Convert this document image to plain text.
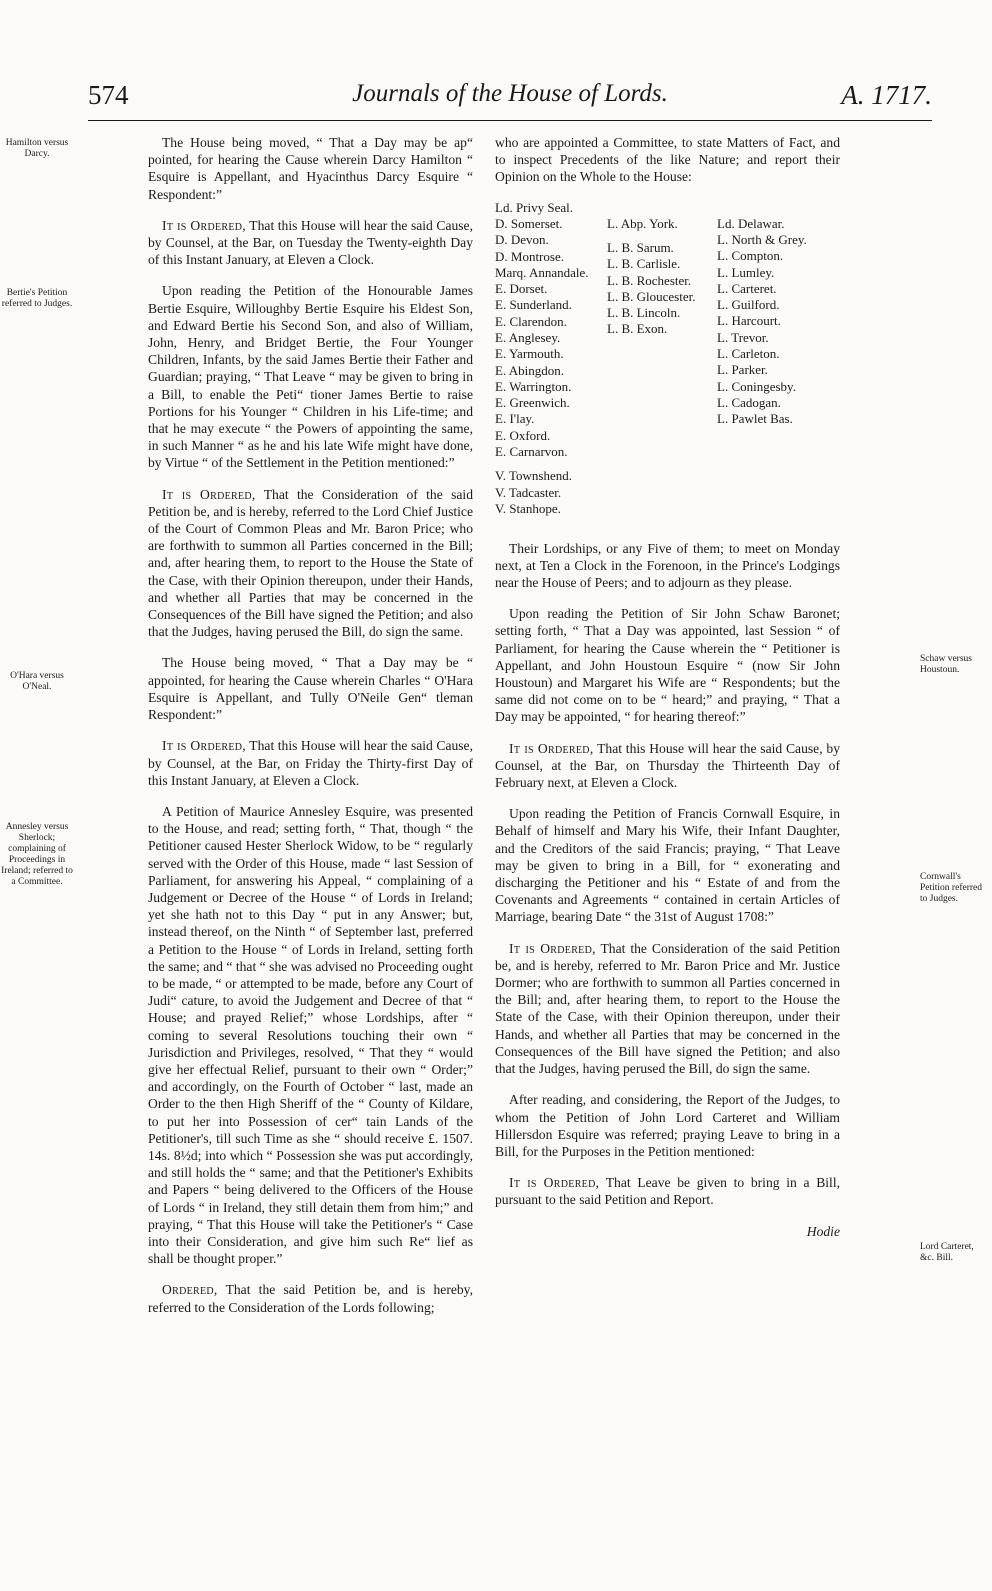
574	Journals of the House of Lords.	A. 1717.
Hamilton versus Darcy.
Bertie's Petition referred to Judges.
O'Hara versus O'Neal.
Annesley versus Sherlock; complaining of Proceedings in Ireland; referred to a Committee.
Schaw versus Houstoun.
Cornwall's Petition referred to Judges.
Lord Carteret, &c. Bill.

The House being moved, “ That a Day may be ap“ pointed, for hearing the Cause wherein Darcy Hamilton “ Esquire is Appellant, and Hyacinthus Darcy Esquire “ Respondent:”

It is Ordered, That this House will hear the said Cause, by Counsel, at the Bar, on Tuesday the Twenty-eighth Day of this Instant January, at Eleven a Clock.

Upon reading the Petition of the Honourable James Bertie Esquire, Willoughby Bertie Esquire his Eldest Son, and Edward Bertie his Second Son, and also of William, John, Henry, and Bridget Bertie, the Four Younger Children, Infants, by the said James Bertie their Father and Guardian; praying, “ That Leave “ may be given to bring in a Bill, to enable the Peti“ tioner James Bertie to raise Portions for his Younger “ Children in his Life-time; and that he may execute “ the Powers of appointing the same, in such Manner “ as he and his late Wife might have done, by Virtue “ of the Settlement in the Petition mentioned:”

It is Ordered, That the Consideration of the said Petition be, and is hereby, referred to the Lord Chief Justice of the Court of Common Pleas and Mr. Baron Price; who are forthwith to summon all Parties concerned in the Bill; and, after hearing them, to report to the House the State of the Case, with their Opinion thereupon, under their Hands, and whether all Parties that may be concerned in the Consequences of the Bill have signed the Petition; and also that the Judges, having perused the Bill, do sign the same.

The House being moved, “ That a Day may be “ appointed, for hearing the Cause wherein Charles “ O'Hara Esquire is Appellant, and Tully O'Neile Gen“ tleman Respondent:”

It is Ordered, That this House will hear the said Cause, by Counsel, at the Bar, on Friday the Thirty-first Day of this Instant January, at Eleven a Clock.

A Petition of Maurice Annesley Esquire, was presented to the House, and read; setting forth, “ That, though “ the Petitioner caused Hester Sherlock Widow, to be “ regularly served with the Order of this House, made “ last Session of Parliament, for answering his Appeal, “ complaining of a Judgement or Decree of the House “ of Lords in Ireland; yet she hath not to this Day “ put in any Answer; but, instead thereof, on the Ninth “ of September last, preferred a Petition to the House “ of Lords in Ireland, setting forth the same; and “ that “ she was advised no Proceeding ought to be made, “ or attempted to be made, before any Court of Judi“ cature, to avoid the Judgement and Decree of that “ House; and prayed Relief;” whose Lordships, after “ coming to several Resolutions touching their own “ Jurisdiction and Privileges, resolved, “ That they “ would give her effectual Relief, pursuant to their own “ Order;” and accordingly, on the Fourth of October “ last, made an Order to the then High Sheriff of the “ County of Kildare, to put her into Possession of cer“ tain Lands of the Petitioner's, till such Time as she “ should receive £. 1507. 14s. 8½d; into which “ Possession she was put accordingly, and still holds the “ same; and that the Petitioner's Exhibits and Papers “ being delivered to the Officers of the House of Lords “ in Ireland, they still detain them from him;” and praying, “ That this House will take the Petitioner's “ Case into their Consideration, and give him such Re“ lief as shall be thought proper.”

Ordered, That the said Petition be, and is hereby, referred to the Consideration of the Lords following;

who are appointed a Committee, to state Matters of Fact, and to inspect Precedents of the like Nature; and report their Opinion on the Whole to the House:

Ld. Privy Seal.
D. Somerset.
D. Devon.
D. Montrose.
Marq. Annandale.
E. Dorset.
E. Sunderland.
E. Clarendon.
E. Anglesey.
E. Yarmouth.
E. Abingdon.
E. Warrington.
E. Greenwich.
E. I'lay.
E. Oxford.
E. Carnarvon.
V. Townshend.
V. Tadcaster.
V. Stanhope.
L. Abp. York.
L. B. Sarum.
L. B. Carlisle.
L. B. Rochester.
L. B. Gloucester.
L. B. Lincoln.
L. B. Exon.
Ld. Delawar.
L. North & Grey.
L. Compton.
L. Lumley.
L. Carteret.
L. Guilford.
L. Harcourt.
L. Trevor.
L. Carleton.
L. Parker.
L. Coningesby.
L. Cadogan.
L. Pawlet Bas.

Their Lordships, or any Five of them; to meet on Monday next, at Ten a Clock in the Forenoon, in the Prince's Lodgings near the House of Peers; and to adjourn as they please.

Upon reading the Petition of Sir John Schaw Baronet; setting forth, “ That a Day was appointed, last Session “ of Parliament, for hearing the Cause wherein the “ Petitioner is Appellant, and John Houstoun Esquire “ (now Sir John Houstoun) and Margaret his Wife are “ Respondents; but the same did not come on to be “ heard;” and praying, “ That a Day may be appointed, “ for hearing thereof:”

It is Ordered, That this House will hear the said Cause, by Counsel, at the Bar, on Thursday the Thirteenth Day of February next, at Eleven a Clock.

Upon reading the Petition of Francis Cornwall Esquire, in Behalf of himself and Mary his Wife, their Infant Daughter, and the Creditors of the said Francis; praying, “ That Leave may be given to bring in a Bill, for “ exonerating and discharging the Petitioner and his “ Estate of and from the Covenants and Agreements “ contained in certain Articles of Marriage, bearing Date “ the 31st of August 1708:”

It is Ordered, That the Consideration of the said Petition be, and is hereby, referred to Mr. Baron Price and Mr. Justice Dormer; who are forthwith to summon all Parties concerned in the Bill; and, after hearing them, to report to the House the State of the Case, with their Opinion thereupon, under their Hands, and whether all Parties that may be concerned in the Consequences of the Bill have signed the Petition; and also that the Judges, having perused the Bill, do sign the same.

After reading, and considering, the Report of the Judges, to whom the Petition of John Lord Carteret and William Hillersdon Esquire was referred; praying Leave to bring in a Bill, for the Purposes in the Petition mentioned:

It is Ordered, That Leave be given to bring in a Bill, pursuant to the said Petition and Report.

Hodie
